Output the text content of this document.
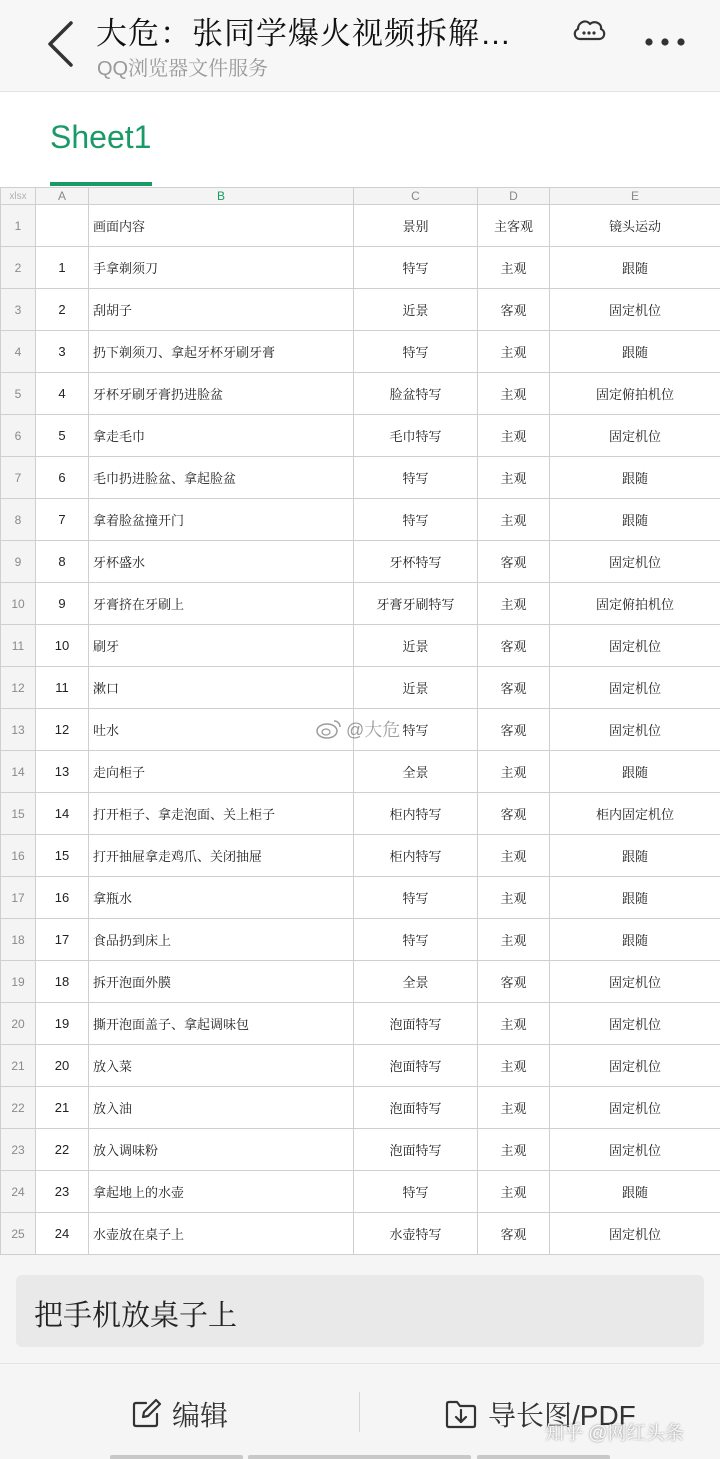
大危：张同学爆火视频拆解…
QQ浏览器文件服务
Sheet1
xlsx	A	B	C	D	E
1		画面内容	景别	主客观	镜头运动
2	1	手拿剃须刀	特写	主观	跟随
3	2	刮胡子	近景	客观	固定机位
4	3	扔下剃须刀、拿起牙杯牙刷牙膏	特写	主观	跟随
5	4	牙杯牙刷牙膏扔进脸盆	脸盆特写	主观	固定俯拍机位
6	5	拿走毛巾	毛巾特写	主观	固定机位
7	6	毛巾扔进脸盆、拿起脸盆	特写	主观	跟随
8	7	拿着脸盆撞开门	特写	主观	跟随
9	8	牙杯盛水	牙杯特写	客观	固定机位
10	9	牙膏挤在牙刷上	牙膏牙刷特写	主观	固定俯拍机位
11	10	刷牙	近景	客观	固定机位
12	11	漱口	近景	客观	固定机位
13	12	吐水	特写	客观	固定机位
14	13	走向柜子	全景	主观	跟随
15	14	打开柜子、拿走泡面、关上柜子	柜内特写	客观	柜内固定机位
16	15	打开抽屉拿走鸡爪、关闭抽屉	柜内特写	主观	跟随
17	16	拿瓶水	特写	主观	跟随
18	17	食品扔到床上	特写	主观	跟随
19	18	拆开泡面外膜	全景	客观	固定机位
20	19	撕开泡面盖子、拿起调味包	泡面特写	主观	固定机位
21	20	放入菜	泡面特写	主观	固定机位
22	21	放入油	泡面特写	主观	固定机位
23	22	放入调味粉	泡面特写	主观	固定机位
24	23	拿起地上的水壶	特写	主观	跟随
25	24	水壶放在桌子上	水壶特写	客观	固定机位

@大危
把手机放桌子上
编辑	导长图/PDF
知乎 @网红头条
